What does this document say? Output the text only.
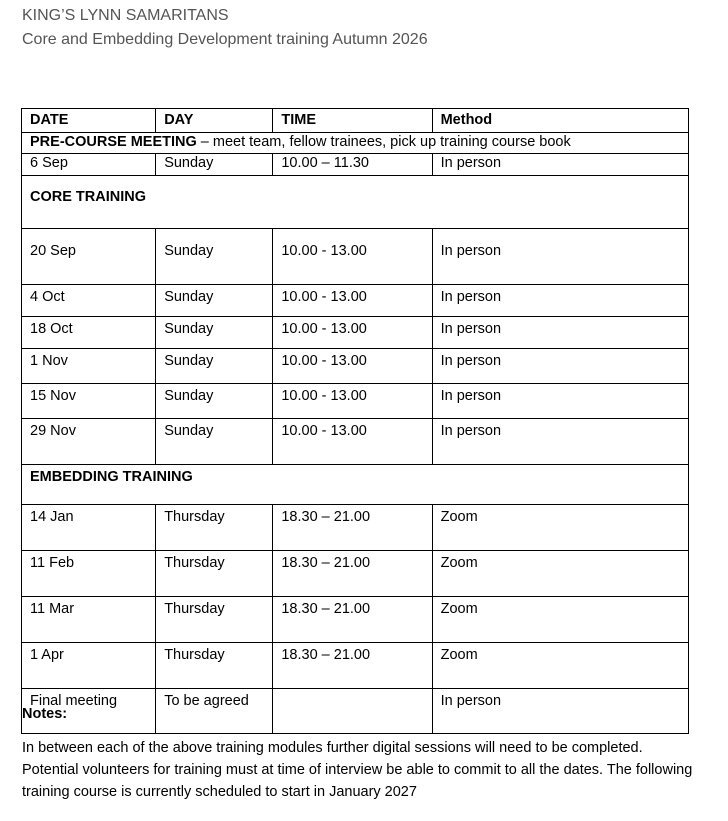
KING’S LYNN SAMARITANS
Core and Embedding Development training Autumn 2026
DATE	DAY	TIME	Method
PRE-COURSE MEETING – meet team, fellow trainees, pick up training course book			
6 Sep	Sunday	10.00 – 11.30	In person
CORE TRAINING			
20 Sep	Sunday	10.00 - 13.00	In person
4 Oct	Sunday	10.00 - 13.00	In person
18 Oct	Sunday	10.00 - 13.00	In person
1 Nov	Sunday	10.00 - 13.00	In person
15 Nov	Sunday	10.00 - 13.00	In person
29 Nov	Sunday	10.00 - 13.00	In person
EMBEDDING TRAINING			
14 Jan	Thursday	18.30 – 21.00	Zoom
11 Feb	Thursday	18.30 – 21.00	Zoom
11 Mar	Thursday	18.30 – 21.00	Zoom
1 Apr	Thursday	18.30 – 21.00	Zoom
Final meeting	To be agreed		In person
Notes:
In between each of the above training modules further digital sessions will need to be completed. Potential volunteers for training must at time of interview be able to commit to all the dates. The following training course is currently scheduled to start in January 2027
